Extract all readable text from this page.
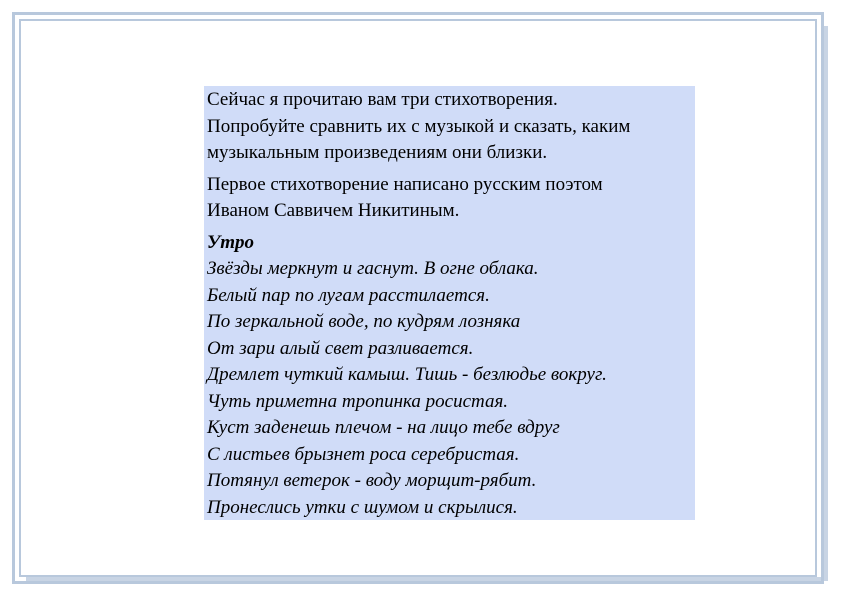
Сейчас я прочитаю вам три стихотворения.

Попробуйте сравнить их с музыкой и сказать, каким

музыкальным произведениям они близки.

Первое стихотворение написано русским поэтом

Иваном Саввичем Никитиным.

Утро

Звёзды меркнут и гаснут. В огне облака.

Белый пар по лугам расстилается.

По зеркальной воде, по кудрям лозняка

От зари алый свет разливается.

Дремлет чуткий камыш. Тишь - безлюдье вокруг.

Чуть приметна тропинка росистая.

Куст заденешь плечом - на лицо тебе вдруг

С листьев брызнет роса серебристая.

Потянул ветерок - воду морщит-рябит.

Пронеслись утки с шумом и скрылися.
